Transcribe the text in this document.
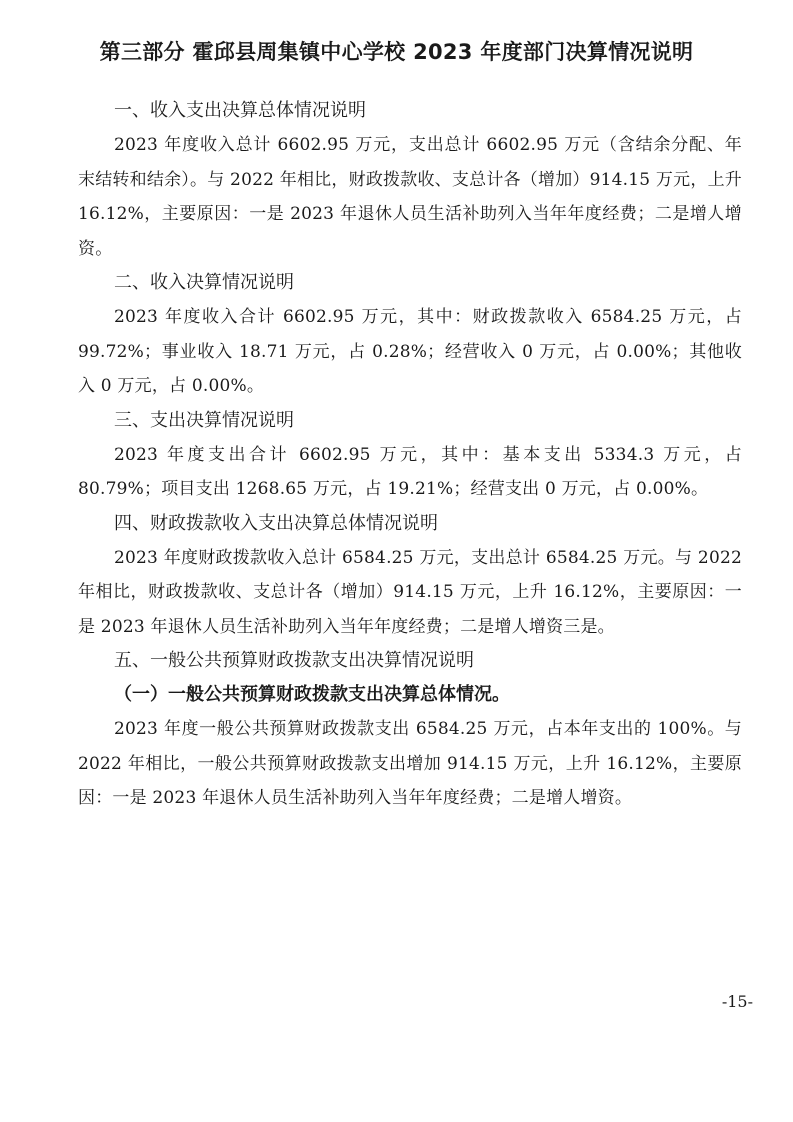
第三部分 霍邱县周集镇中心学校 2023 年度部门决算情况说明

一、收入支出决算总体情况说明

2023 年度收入总计 6602.95 万元，支出总计 6602.95 万元（含结余分配、年末结转和结余）。与 2022 年相比，财政拨款收、支总计各（增加）914.15 万元，上升 16.12%，主要原因：一是 2023 年退休人员生活补助列入当年年度经费；二是增人增资。

二、收入决算情况说明

2023 年度收入合计 6602.95 万元，其中：财政拨款收入 6584.25 万元，占 99.72%；事业收入 18.71 万元，占 0.28%；经营收入 0 万元，占 0.00%；其他收入 0 万元，占 0.00%。

三、支出决算情况说明

2023 年度支出合计 6602.95 万元，其中：基本支出 5334.3 万元，占 80.79%；项目支出 1268.65 万元，占 19.21%；经营支出 0 万元，占 0.00%。

四、财政拨款收入支出决算总体情况说明

2023 年度财政拨款收入总计 6584.25 万元，支出总计 6584.25 万元。与 2022 年相比，财政拨款收、支总计各（增加）914.15 万元，上升 16.12%，主要原因：一是 2023 年退休人员生活补助列入当年年度经费；二是增人增资三是。

五、一般公共预算财政拨款支出决算情况说明

（一）一般公共预算财政拨款支出决算总体情况。

2023 年度一般公共预算财政拨款支出 6584.25 万元，占本年支出的 100%。与 2022 年相比，一般公共预算财政拨款支出增加 914.15 万元，上升 16.12%，主要原因：一是 2023 年退休人员生活补助列入当年年度经费；二是增人增资。

-15-
